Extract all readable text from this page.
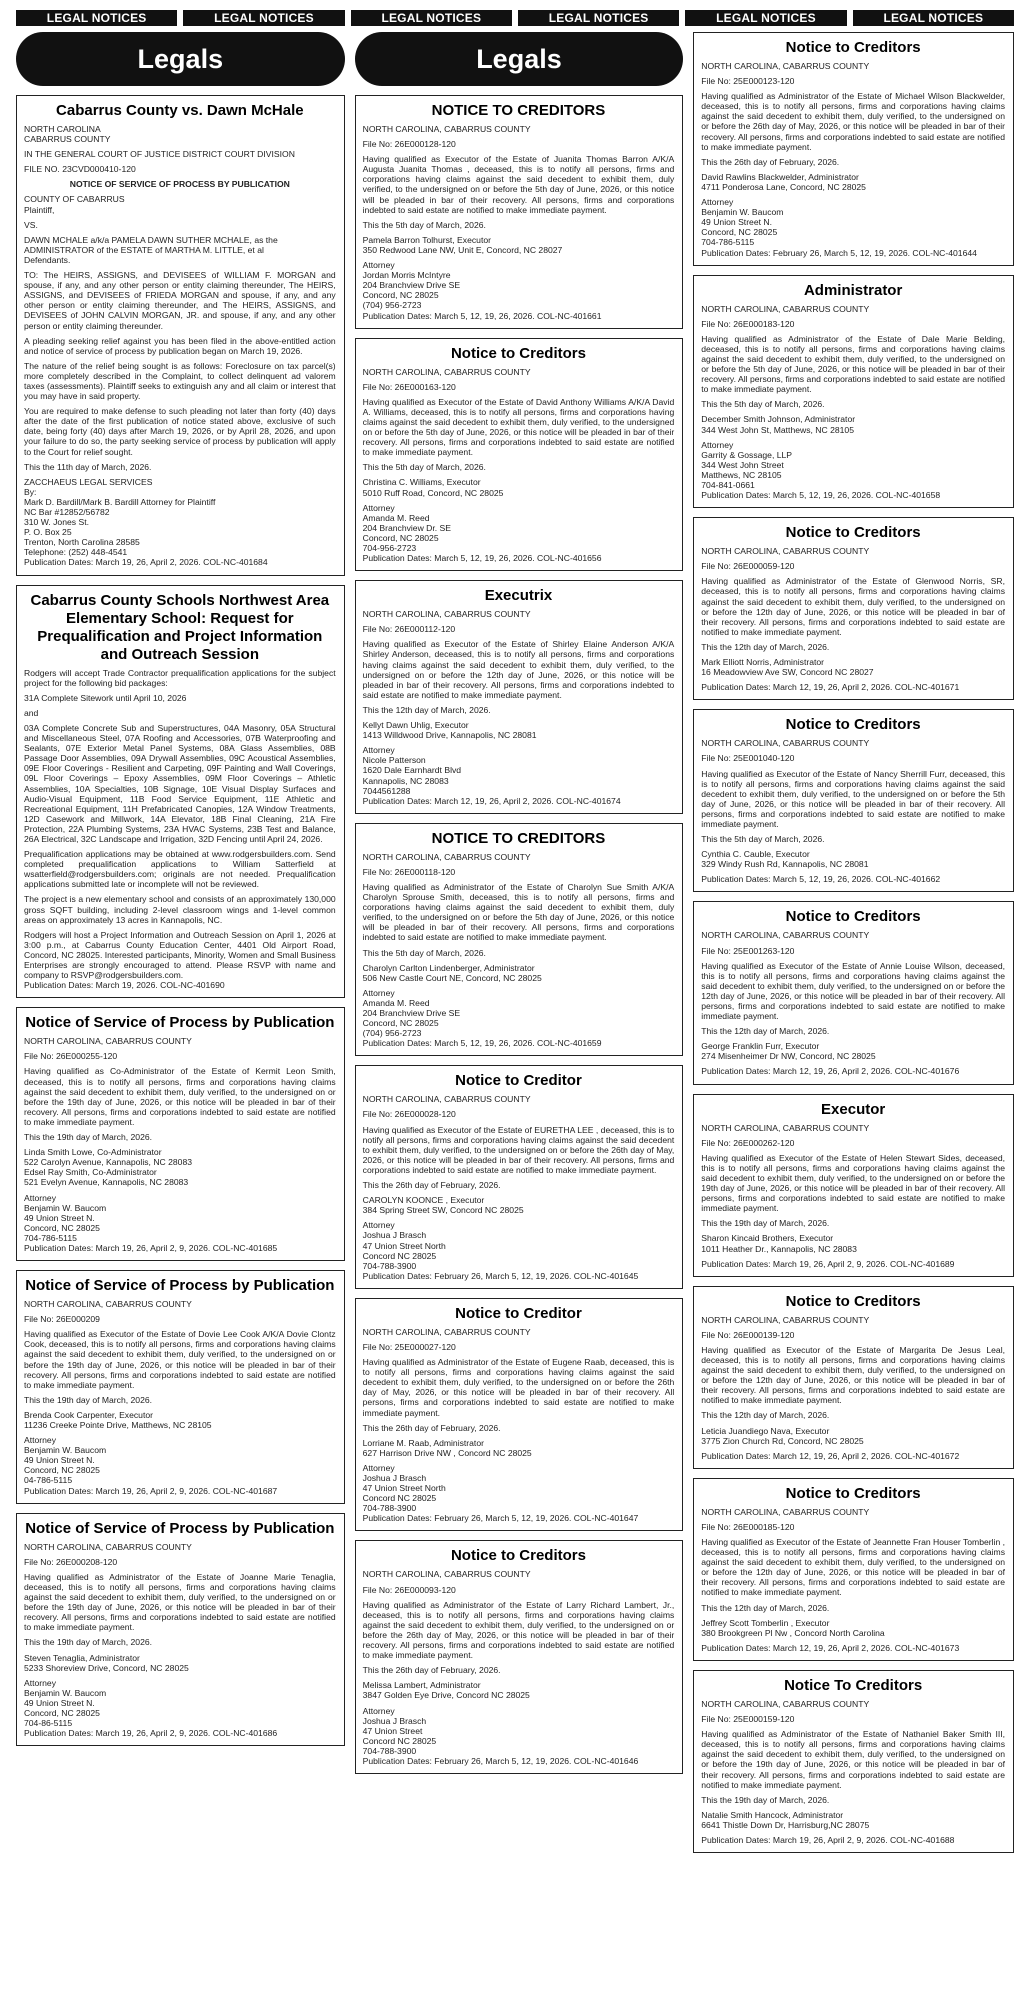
LEGAL NOTICES	LEGAL NOTICES	LEGAL NOTICES	LEGAL NOTICES	LEGAL NOTICES	LEGAL NOTICES
Legals
Cabarrus County vs. Dawn McHale

NORTH CAROLINA
CABARRUS COUNTY

IN THE GENERAL COURT OF JUSTICE DISTRICT COURT DIVISION

FILE NO. 23CVD000410-120

NOTICE OF SERVICE OF PROCESS BY PUBLICATION

COUNTY OF CABARRUS
Plaintiff,

VS.

DAWN MCHALE a/k/a PAMELA DAWN SUTHER MCHALE, as the ADMINISTRATOR of the ESTATE of MARTHA M. LITTLE, et al
Defendants.

TO: The HEIRS, ASSIGNS, and DEVISEES of WILLIAM F. MORGAN and spouse, if any, and any other person or entity claiming thereunder, The HEIRS, ASSIGNS, and DEVISEES of FRIEDA MORGAN and spouse, if any, and any other person or entity claiming thereunder, and The HEIRS, ASSIGNS, and DEVISEES of JOHN CALVIN MORGAN, JR. and spouse, if any, and any other person or entity claiming thereunder.

A pleading seeking relief against you has been filed in the above-entitled action and notice of service of process by publication began on March 19, 2026.

The nature of the relief being sought is as follows: Foreclosure on tax parcel(s) more completely described in the Complaint, to collect delinquent ad valorem taxes (assessments). Plaintiff seeks to extinguish any and all claim or interest that you may have in said property.

You are required to make defense to such pleading not later than forty (40) days after the date of the first publication of notice stated above, exclusive of such date, being forty (40) days after March 19, 2026, or by April 28, 2026, and upon your failure to do so, the party seeking service of process by publication will apply to the Court for relief sought.

This the 11th day of March, 2026.

ZACCHAEUS LEGAL SERVICES
By:
Mark D. Bardill/Mark B. Bardill Attorney for Plaintiff
NC Bar #12852/56782
310 W. Jones St.
P. O. Box 25
Trenton, North Carolina 28585
Telephone: (252) 448-4541
Publication Dates: March 19, 26, April 2, 2026. COL-NC-401684

Cabarrus County Schools Northwest Area Elementary School: Request for Prequalification and Project Information and Outreach Session

Rodgers will accept Trade Contractor prequalification applications for the subject project for the following bid packages:

31A Complete Sitework until April 10, 2026

and

03A Complete Concrete Sub and Superstructures, 04A Masonry, 05A Structural and Miscellaneous Steel, 07A Roofing and Accessories, 07B Waterproofing and Sealants, 07E Exterior Metal Panel Systems, 08A Glass Assemblies, 08B Passage Door Assemblies, 09A Drywall Assemblies, 09C Acoustical Assemblies, 09E Floor Coverings - Resilient and Carpeting, 09F Painting and Wall Coverings, 09L Floor Coverings – Epoxy Assemblies, 09M Floor Coverings – Athletic Assemblies, 10A Specialties, 10B Signage, 10E Visual Display Surfaces and Audio-Visual Equipment, 11B Food Service Equipment, 11E Athletic and Recreational Equipment, 11H Prefabricated Canopies, 12A Window Treatments, 12D Casework and Millwork, 14A Elevator, 18B Final Cleaning, 21A Fire Protection, 22A Plumbing Systems, 23A HVAC Systems, 23B Test and Balance, 26A Electrical, 32C Landscape and Irrigation, 32D Fencing until April 24, 2026.

Prequalification applications may be obtained at www.rodgersbuilders.com. Send completed prequalification applications to William Satterfield at wsatterfield@rodgersbuilders.com; originals are not needed. Prequalification applications submitted late or incomplete will not be reviewed.

The project is a new elementary school and consists of an approximately 130,000 gross SQFT building, including 2-level classroom wings and 1-level common areas on approximately 13 acres in Kannapolis, NC.

Rodgers will host a Project Information and Outreach Session on April 1, 2026 at 3:00 p.m., at Cabarrus County Education Center, 4401 Old Airport Road, Concord, NC 28025. Interested participants, Minority, Women and Small Business Enterprises are strongly encouraged to attend. Please RSVP with name and company to RSVP@rodgersbuilders.com.
Publication Dates: March 19, 2026. COL-NC-401690

Notice of Service of Process by Publication

NORTH CAROLINA, CABARRUS COUNTY

File No: 26E000255-120

Having qualified as Co-Administrator of the Estate of Kermit Leon Smith, deceased, this is to notify all persons, firms and corporations having claims against the said decedent to exhibit them, duly verified, to the undersigned on or before the 19th day of June, 2026, or this notice will be pleaded in bar of their recovery. All persons, firms and corporations indebted to said estate are notified to make immediate payment.

This the 19th day of March, 2026.

Linda Smith Lowe, Co-Administrator
522 Carolyn Avenue, Kannapolis, NC 28083
Edsel Ray Smith, Co-Administrator
521 Evelyn Avenue, Kannapolis, NC 28083

Attorney
Benjamin W. Baucom
49 Union Street N.
Concord, NC 28025
704-786-5115
Publication Dates: March 19, 26, April 2, 9, 2026. COL-NC-401685

Notice of Service of Process by Publication

NORTH CAROLINA, CABARRUS COUNTY

File No: 26E000209

Having qualified as Executor of the Estate of Dovie Lee Cook A/K/A Dovie Clontz Cook, deceased, this is to notify all persons, firms and corporations having claims against the said decedent to exhibit them, duly verified, to the undersigned on or before the 19th day of June, 2026, or this notice will be pleaded in bar of their recovery. All persons, firms and corporations indebted to said estate are notified to make immediate payment.

This the 19th day of March, 2026.

Brenda Cook Carpenter, Executor
11236 Creeke Pointe Drive, Matthews, NC 28105

Attorney
Benjamin W. Baucom
49 Union Street N.
Concord, NC 28025
04-786-5115
Publication Dates: March 19, 26, April 2, 9, 2026. COL-NC-401687

Notice of Service of Process by Publication

NORTH CAROLINA, CABARRUS COUNTY

File No: 26E000208-120

Having qualified as Administrator of the Estate of Joanne Marie Tenaglia, deceased, this is to notify all persons, firms and corporations having claims against the said decedent to exhibit them, duly verified, to the undersigned on or before the 19th day of June, 2026, or this notice will be pleaded in bar of their recovery. All persons, firms and corporations indebted to said estate are notified to make immediate payment.

This the 19th day of March, 2026.

Steven Tenaglia, Administrator
5233 Shoreview Drive, Concord, NC 28025

Attorney
Benjamin W. Baucom
49 Union Street N.
Concord, NC 28025
704-86-5115
Publication Dates: March 19, 26, April 2, 9, 2026. COL-NC-401686

Legals
NOTICE TO CREDITORS

NORTH CAROLINA, CABARRUS COUNTY

File No: 26E000128-120

Having qualified as Executor of the Estate of Juanita Thomas Barron A/K/A Augusta Juanita Thomas , deceased, this is to notify all persons, firms and corporations having claims against the said decedent to exhibit them, duly verified, to the undersigned on or before the 5th day of June, 2026, or this notice will be pleaded in bar of their recovery. All persons, firms and corporations indebted to said estate are notified to make immediate payment.

This the 5th day of March, 2026.

Pamela Barron Tolhurst, Executor
350 Redwood Lane NW, Unit E, Concord, NC 28027

Attorney
Jordan Morris McIntyre
204 Branchview Drive SE
Concord, NC 28025
(704) 956-2723
Publication Dates: March 5, 12, 19, 26, 2026. COL-NC-401661

Notice to Creditors

NORTH CAROLINA, CABARRUS COUNTY

File No: 26E000163-120

Having qualified as Executor of the Estate of David Anthony Williams A/K/A David A. Williams, deceased, this is to notify all persons, firms and corporations having claims against the said decedent to exhibit them, duly verified, to the undersigned on or before the 5th day of June, 2026, or this notice will be pleaded in bar of their recovery. All persons, firms and corporations indebted to said estate are notified to make immediate payment.

This the 5th day of March, 2026.

Christina C. Williams, Executor
5010 Ruff Road, Concord, NC 28025

Attorney
Amanda M. Reed
204 Branchview Dr. SE
Concord, NC 28025
704-956-2723
Publication Dates: March 5, 12, 19, 26, 2026. COL-NC-401656

Executrix

NORTH CAROLINA, CABARRUS COUNTY

File No: 26E000112-120

Having qualified as Executor of the Estate of Shirley Elaine Anderson A/K/A Shirley Anderson, deceased, this is to notify all persons, firms and corporations having claims against the said decedent to exhibit them, duly verified, to the undersigned on or before the 12th day of June, 2026, or this notice will be pleaded in bar of their recovery. All persons, firms and corporations indebted to said estate are notified to make immediate payment.

This the 12th day of March, 2026.

Kellyt Dawn Uhlig, Executor
1413 Willdwood Drive, Kannapolis, NC 28081

Attorney
Nicole Patterson
1620 Dale Earnhardt Blvd
Kannapolis, NC 28083
7044561288
Publication Dates: March 12, 19, 26, April 2, 2026. COL-NC-401674

NOTICE TO CREDITORS

NORTH CAROLINA, CABARRUS COUNTY

File No: 26E000118-120

Having qualified as Administrator of the Estate of Charolyn Sue Smith A/K/A Charolyn Sprouse Smith, deceased, this is to notify all persons, firms and corporations having claims against the said decedent to exhibit them, duly verified, to the undersigned on or before the 5th day of June, 2026, or this notice will be pleaded in bar of their recovery. All persons, firms and corporations indebted to said estate are notified to make immediate payment.

This the 5th day of March, 2026.

Charolyn Carlton Lindenberger, Administrator
506 New Castle Court NE, Concord, NC 28025

Attorney
Amanda M. Reed
204 Branchview Drive SE
Concord, NC 28025
(704) 956-2723
Publication Dates: March 5, 12, 19, 26, 2026. COL-NC-401659

Notice to Creditor

NORTH CAROLINA, CABARRUS COUNTY

File No: 26E000028-120

Having qualified as Executor of the Estate of EURETHA LEE , deceased, this is to notify all persons, firms and corporations having claims against the said decedent to exhibit them, duly verified, to the undersigned on or before the 26th day of May, 2026, or this notice will be pleaded in bar of their recovery. All persons, firms and corporations indebted to said estate are notified to make immediate payment.

This the 26th day of February, 2026.

CAROLYN KOONCE , Executor
384 Spring Street SW, Concord NC 28025

Attorney
Joshua J Brasch
47 Union Street North
Concord NC 28025
704-788-3900
Publication Dates: February 26, March 5, 12, 19, 2026. COL-NC-401645

Notice to Creditor

NORTH CAROLINA, CABARRUS COUNTY

File No: 25E000027-120

Having qualified as Administrator of the Estate of Eugene Raab, deceased, this is to notify all persons, firms and corporations having claims against the said decedent to exhibit them, duly verified, to the undersigned on or before the 26th day of May, 2026, or this notice will be pleaded in bar of their recovery. All persons, firms and corporations indebted to said estate are notified to make immediate payment.

This the 26th day of February, 2026.

Lorriane M. Raab, Administrator
627 Harrison Drive NW , Concord NC 28025

Attorney
Joshua J Brasch
47 Union Street North
Concord NC 28025
704-788-3900
Publication Dates: February 26, March 5, 12, 19, 2026. COL-NC-401647

Notice to Creditors

NORTH CAROLINA, CABARRUS COUNTY

File No: 26E000093-120

Having qualified as Administrator of the Estate of Larry Richard Lambert, Jr., deceased, this is to notify all persons, firms and corporations having claims against the said decedent to exhibit them, duly verified, to the undersigned on or before the 26th day of May, 2026, or this notice will be pleaded in bar of their recovery. All persons, firms and corporations indebted to said estate are notified to make immediate payment.

This the 26th day of February, 2026.

Melissa Lambert, Administrator
3847 Golden Eye Drive, Concord NC 28025

Attorney
Joshua J Brasch
47 Union Street
Concord NC 28025
704-788-3900
Publication Dates: February 26, March 5, 12, 19, 2026. COL-NC-401646

Notice to Creditors

NORTH CAROLINA, CABARRUS COUNTY

File No: 25E000123-120

Having qualified as Administrator of the Estate of Michael Wilson Blackwelder, deceased, this is to notify all persons, firms and corporations having claims against the said decedent to exhibit them, duly verified, to the undersigned on or before the 26th day of May, 2026, or this notice will be pleaded in bar of their recovery. All persons, firms and corporations indebted to said estate are notified to make immediate payment.

This the 26th day of February, 2026.

David Rawlins Blackwelder, Administrator
4711 Ponderosa Lane, Concord, NC 28025

Attorney
Benjamin W. Baucom
49 Union Street N.
Concord, NC 28025
704-786-5115
Publication Dates: February 26, March 5, 12, 19, 2026. COL-NC-401644

Administrator

NORTH CAROLINA, CABARRUS COUNTY

File No: 26E000183-120

Having qualified as Administrator of the Estate of Dale Marie Belding, deceased, this is to notify all persons, firms and corporations having claims against the said decedent to exhibit them, duly verified, to the undersigned on or before the 5th day of June, 2026, or this notice will be pleaded in bar of their recovery. All persons, firms and corporations indebted to said estate are notified to make immediate payment.

This the 5th day of March, 2026.

December Smith Johnson, Administrator
344 West John St, Matthews, NC 28105

Attorney
Garrity & Gossage, LLP
344 West John Street
Matthews, NC 28105
704-841-0661
Publication Dates: March 5, 12, 19, 26, 2026. COL-NC-401658

Notice to Creditors

NORTH CAROLINA, CABARRUS COUNTY

File No: 26E000059-120

Having qualified as Administrator of the Estate of Glenwood Norris, SR, deceased, this is to notify all persons, firms and corporations having claims against the said decedent to exhibit them, duly verified, to the undersigned on or before the 12th day of June, 2026, or this notice will be pleaded in bar of their recovery. All persons, firms and corporations indebted to said estate are notified to make immediate payment.

This the 12th day of March, 2026.

Mark Elliott Norris, Administrator
16 Meadowview Ave SW, Concord NC 28027

Publication Dates: March 12, 19, 26, April 2, 2026. COL-NC-401671

Notice to Creditors

NORTH CAROLINA, CABARRUS COUNTY

File No: 25E001040-120

Having qualified as Executor of the Estate of Nancy Sherrill Furr, deceased, this is to notify all persons, firms and corporations having claims against the said decedent to exhibit them, duly verified, to the undersigned on or before the 5th day of June, 2026, or this notice will be pleaded in bar of their recovery. All persons, firms and corporations indebted to said estate are notified to make immediate payment.

This the 5th day of March, 2026.

Cynthia C. Cauble, Executor
329 Windy Rush Rd, Kannapolis, NC 28081

Publication Dates: March 5, 12, 19, 26, 2026. COL-NC-401662

Notice to Creditors

NORTH CAROLINA, CABARRUS COUNTY

File No: 25E001263-120

Having qualified as Executor of the Estate of Annie Louise Wilson, deceased, this is to notify all persons, firms and corporations having claims against the said decedent to exhibit them, duly verified, to the undersigned on or before the 12th day of June, 2026, or this notice will be pleaded in bar of their recovery. All persons, firms and corporations indebted to said estate are notified to make immediate payment.

This the 12th day of March, 2026.

George Franklin Furr, Executor
274 Misenheimer Dr NW, Concord, NC 28025

Publication Dates: March 12, 19, 26, April 2, 2026. COL-NC-401676

Executor

NORTH CAROLINA, CABARRUS COUNTY

File No: 26E000262-120

Having qualified as Executor of the Estate of Helen Stewart Sides, deceased, this is to notify all persons, firms and corporations having claims against the said decedent to exhibit them, duly verified, to the undersigned on or before the 19th day of June, 2026, or this notice will be pleaded in bar of their recovery. All persons, firms and corporations indebted to said estate are notified to make immediate payment.

This the 19th day of March, 2026.

Sharon Kincaid Brothers, Executor
1011 Heather Dr., Kannapolis, NC 28083

Publication Dates: March 19, 26, April 2, 9, 2026. COL-NC-401689

Notice to Creditors

NORTH CAROLINA, CABARRUS COUNTY

File No: 26E000139-120

Having qualified as Executor of the Estate of Margarita De Jesus Leal, deceased, this is to notify all persons, firms and corporations having claims against the said decedent to exhibit them, duly verified, to the undersigned on or before the 12th day of June, 2026, or this notice will be pleaded in bar of their recovery. All persons, firms and corporations indebted to said estate are notified to make immediate payment.

This the 12th day of March, 2026.

Leticia Juandiego Nava, Executor
3775 Zion Church Rd, Concord, NC 28025

Publication Dates: March 12, 19, 26, April 2, 2026. COL-NC-401672

Notice to Creditors

NORTH CAROLINA, CABARRUS COUNTY

File No: 26E000185-120

Having qualified as Executor of the Estate of Jeannette Fran Houser Tomberlin , deceased, this is to notify all persons, firms and corporations having claims against the said decedent to exhibit them, duly verified, to the undersigned on or before the 12th day of June, 2026, or this notice will be pleaded in bar of their recovery. All persons, firms and corporations indebted to said estate are notified to make immediate payment.

This the 12th day of March, 2026.

Jeffrey Scott Tomberlin , Executor
380 Brookgreen Pl Nw , Concord North Carolina

Publication Dates: March 12, 19, 26, April 2, 2026. COL-NC-401673

Notice To Creditors

NORTH CAROLINA, CABARRUS COUNTY

File No: 25E000159-120

Having qualified as Administrator of the Estate of Nathaniel Baker Smith III, deceased, this is to notify all persons, firms and corporations having claims against the said decedent to exhibit them, duly verified, to the undersigned on or before the 19th day of June, 2026, or this notice will be pleaded in bar of their recovery. All persons, firms and corporations indebted to said estate are notified to make immediate payment.

This the 19th day of March, 2026.

Natalie Smith Hancock, Administrator
6641 Thistle Down Dr, Harrisburg,NC 28075

Publication Dates: March 19, 26, April 2, 9, 2026. COL-NC-401688
